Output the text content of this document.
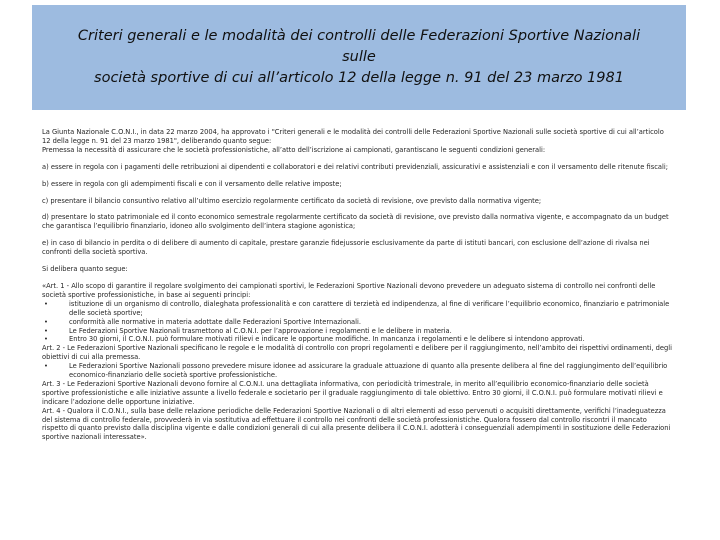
Criteri generali e le modalità dei controlli delle Federazioni Sportive Nazionali sulle
società sportive di cui all’articolo 12 della legge n. 91 del 23 marzo 1981

La Giunta Nazionale C.O.N.I., in data 22 marzo 2004, ha approvato i "Criteri generali e le modalità dei controlli delle Federazioni Sportive Nazionali sulle società sportive di cui all’articolo 12 della legge n. 91 del 23 marzo 1981", deliberando quanto segue:

Premessa la necessità di assicurare che le società professionistiche, all’atto dell’iscrizione ai campionati, garantiscano le seguenti condizioni generali:

a) essere in regola con i pagamenti delle retribuzioni ai dipendenti e collaboratori e dei relativi contributi previdenziali, assicurativi e assistenziali e con il versamento delle ritenute fiscali;

b) essere in regola con gli adempimenti fiscali e con il versamento delle relative imposte;

c) presentare il bilancio consuntivo relativo all’ultimo esercizio regolarmente certificato da società di revisione, ove previsto dalla normativa vigente;

d) presentare lo stato patrimoniale ed il conto economico semestrale regolarmente certificato da società di revisione, ove previsto dalla normativa vigente, e accompagnato da un budget che garantisca l’equilibrio finanziario, idoneo allo svolgimento dell’intera stagione agonistica;

e) in caso di bilancio in perdita o di delibere di aumento di capitale, prestare garanzie fidejussorie esclusivamente da parte di istituti bancari, con esclusione dell’azione di rivalsa nei confronti della società sportiva.

Si delibera quanto segue:

«Art. 1 - Allo scopo di garantire il regolare svolgimento dei campionati sportivi, le Federazioni Sportive Nazionali devono prevedere un adeguato sistema di controllo nei confronti delle società sportive professionistiche, in base ai seguenti principi:

• istituzione di un organismo di controllo, dialeghata professionalità e con carattere di terzietà ed indipendenza, al fine di verificare l’equilibrio economico, finanziario e patrimoniale delle società sportive;

• conformità alle normative in materia adottate dalle Federazioni Sportive Internazionali.

• Le Federazioni Sportive Nazionali trasmettono al C.O.N.I. per l’approvazione i regolamenti e le delibere in materia.

• Entro 30 giorni, il C.O.N.I. può formulare motivati rilievi e indicare le opportune modifiche. In mancanza i regolamenti e le delibere si intendono approvati.

Art. 2 - Le Federazioni Sportive Nazionali specificano le regole e le modalità di controllo con propri regolamenti e delibere per il raggiungimento, nell’ambito dei rispettivi ordinamenti, degli obiettivi di cui alla premessa.

• Le Federazioni Sportive Nazionali possono prevedere misure idonee ad assicurare la graduale attuazione di quanto alla presente delibera al fine del raggiungimento dell’equilibrio economico-finanziario delle società sportive professionistiche.

Art. 3 - Le Federazioni Sportive Nazionali devono fornire al C.O.N.I. una dettagliata informativa, con periodicità trimestrale, in merito all’equilibrio economico-finanziario delle società sportive professionistiche e alle iniziative assunte a livello federale e societario per il graduale raggiungimento di tale obiettivo. Entro 30 giorni, il C.O.N.I. può formulare motivati rilievi e indicare l’adozione delle opportune iniziative.

Art. 4 - Qualora il C.O.N.I., sulla base delle relazione periodiche delle Federazioni Sportive Nazionali o di altri elementi ad esso pervenuti o acquisiti direttamente, verifichi l’inadeguatezza del sistema di controllo federale, provvederà in via sostitutiva ad effettuare il controllo nei confronti delle società professionistiche. Qualora fossero dal controllo riscontri il mancato rispetto di quanto previsto dalla disciplina vigente e dalle condizioni generali di cui alla presente delibera il C.O.N.I. adotterà i conseguenziali adempimenti in sostituzione delle Federazioni sportive nazionali interessate».
